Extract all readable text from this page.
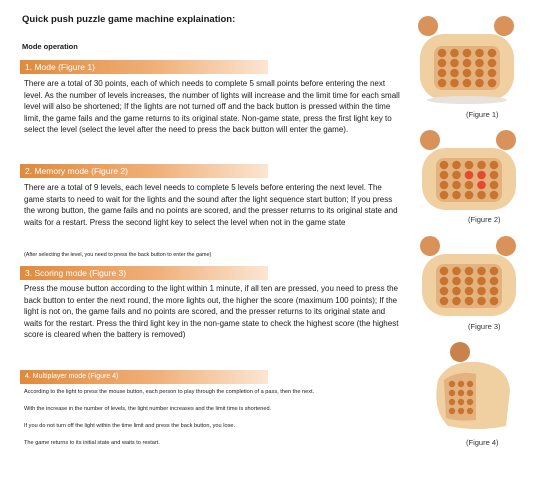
Quick push puzzle game machine explaination:
Mode operation
1. Mode (Figure 1)
There are a total of 30 points, each of which needs to complete 5 small points before entering the next level. As the number of levels increases, the number of lights will increase and the limit time for each small level will also be shortened; If the lights are not turned off and the back button is pressed within the time limit, the game fails and the game returns to its original state. Non-game state, press the first light key to select the level (select the level after the need to press the back button will enter the game).
2. Memory mode (Figure 2)
There are a total of 9 levels, each level needs to complete 5 levels before entering the next level. The game starts to need to wait for the lights and the sound after the light sequence start button; If you press the wrong button, the game fails and no points are scored, and the presser returns to its original state and waits for a restart. Press the second light key to select the level when not in the game state
(After selecting the level, you need to press the back button to enter the game)
3. Scoring mode (Figure 3)
Press the mouse button according to the light within 1 minute, if all ten are pressed, you need to press the back button to enter the next round, the more lights out, the higher the score (maximum 100 points); If the light is not on, the game fails and no points are scored, and the presser returns to its original state and waits for the restart. Press the third light key in the non-game state to check the highest score (the highest score is cleared when the battery is removed)
4. Multiplayer mode (Figure 4)
According to the light to press the mouse button, each person to play through the completion of a pass, then the next.
With the increase in the number of levels, the light number increases and the limit time is shortened.
If you do not turn off the light within the time limit and press the back button, you lose.
The game returns to its initial state and waits to restart.
(Figure 1)
(Figure 2)
(Figure 3)
(Figure 4)
